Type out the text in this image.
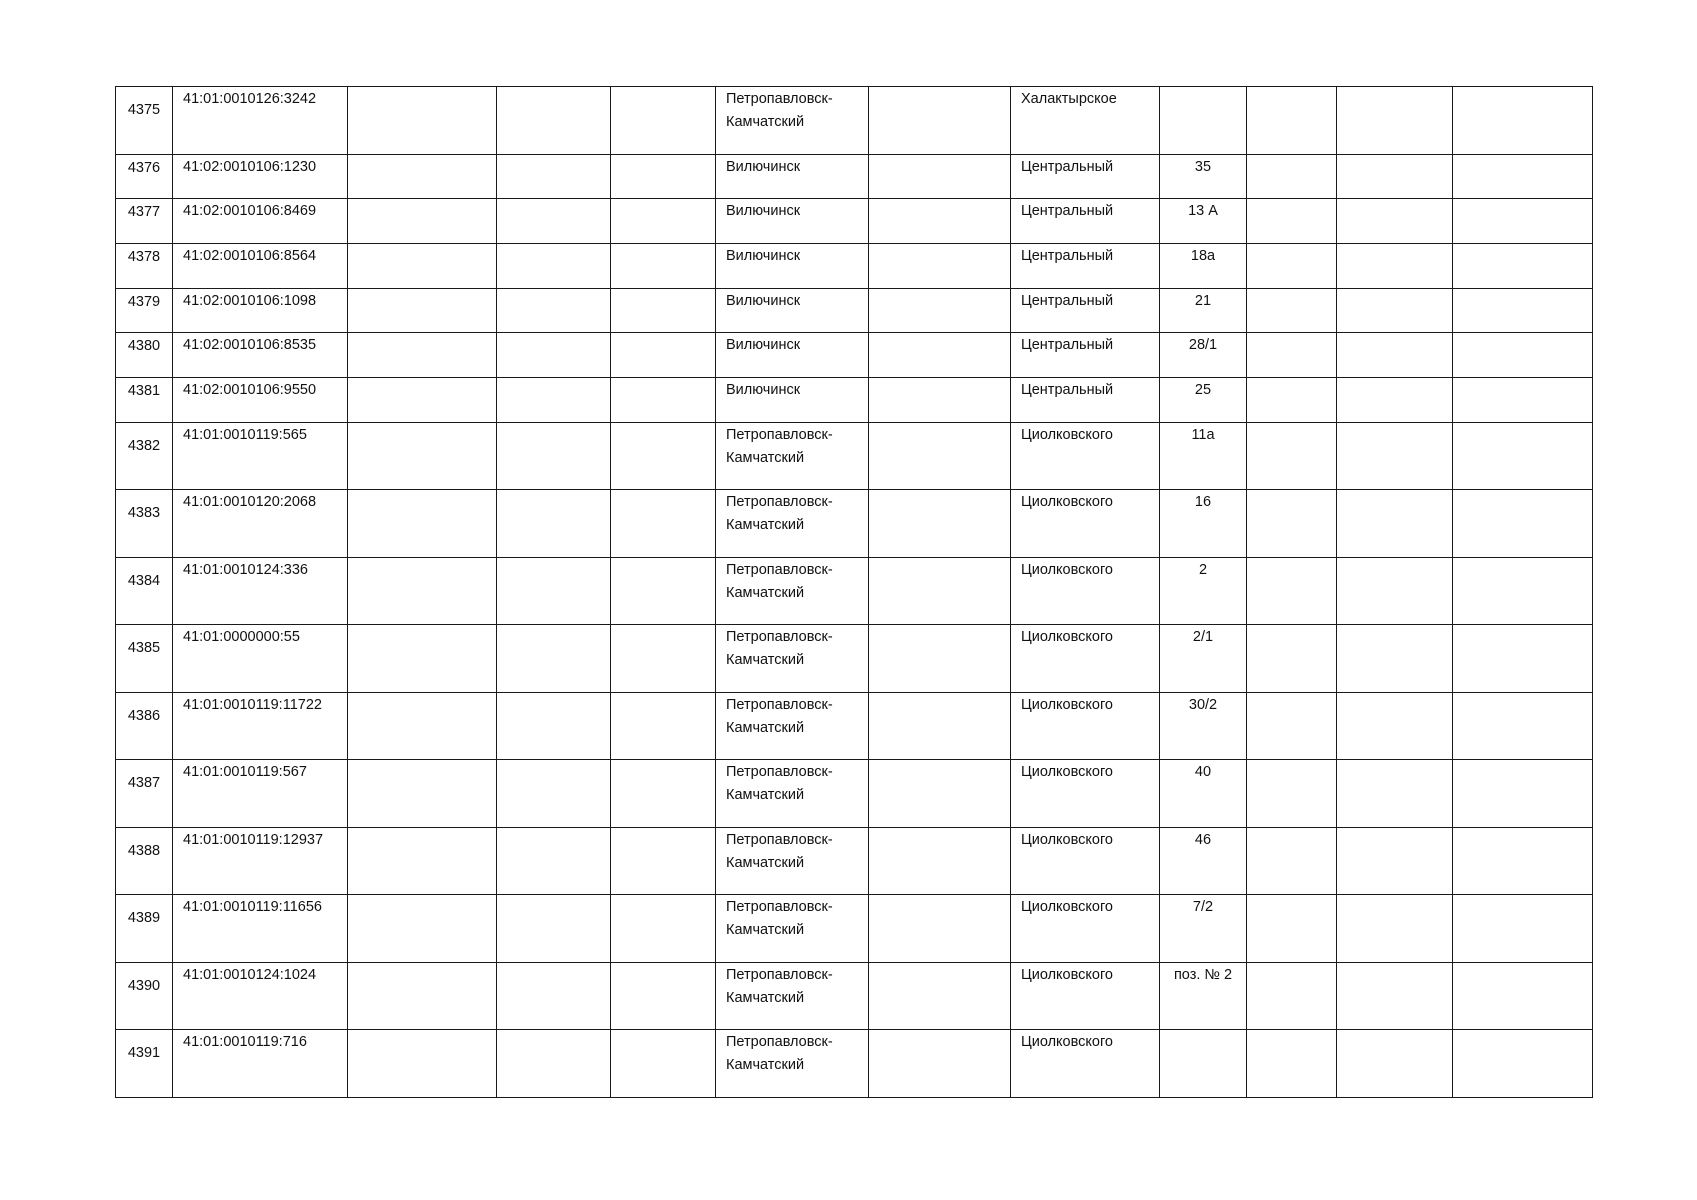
4375	41:01:0010126:3242				Петропавловск-Камчатский		Халактырское				

4376	41:02:0010106:1230				Вилючинск		Центральный	35			

4377	41:02:0010106:8469				Вилючинск		Центральный	13 А			

4378	41:02:0010106:8564				Вилючинск		Центральный	18а			

4379	41:02:0010106:1098				Вилючинск		Центральный	21			

4380	41:02:0010106:8535				Вилючинск		Центральный	28/1			

4381	41:02:0010106:9550				Вилючинск		Центральный	25			

4382	41:01:0010119:565				Петропавловск-Камчатский		Циолковского	11а			

4383	41:01:0010120:2068				Петропавловск-Камчатский		Циолковского	16			

4384	41:01:0010124:336				Петропавловск-Камчатский		Циолковского	2			

4385	41:01:0000000:55				Петропавловск-Камчатский		Циолковского	2/1			

4386	41:01:0010119:11722				Петропавловск-Камчатский		Циолковского	30/2			

4387	41:01:0010119:567				Петропавловск-Камчатский		Циолковского	40			

4388	41:01:0010119:12937				Петропавловск-Камчатский		Циолковского	46			

4389	41:01:0010119:11656				Петропавловск-Камчатский		Циолковского	7/2			

4390	41:01:0010124:1024				Петропавловск-Камчатский		Циолковского	поз. № 2			

4391	41:01:0010119:716				Петропавловск-Камчатский		Циолковского				
